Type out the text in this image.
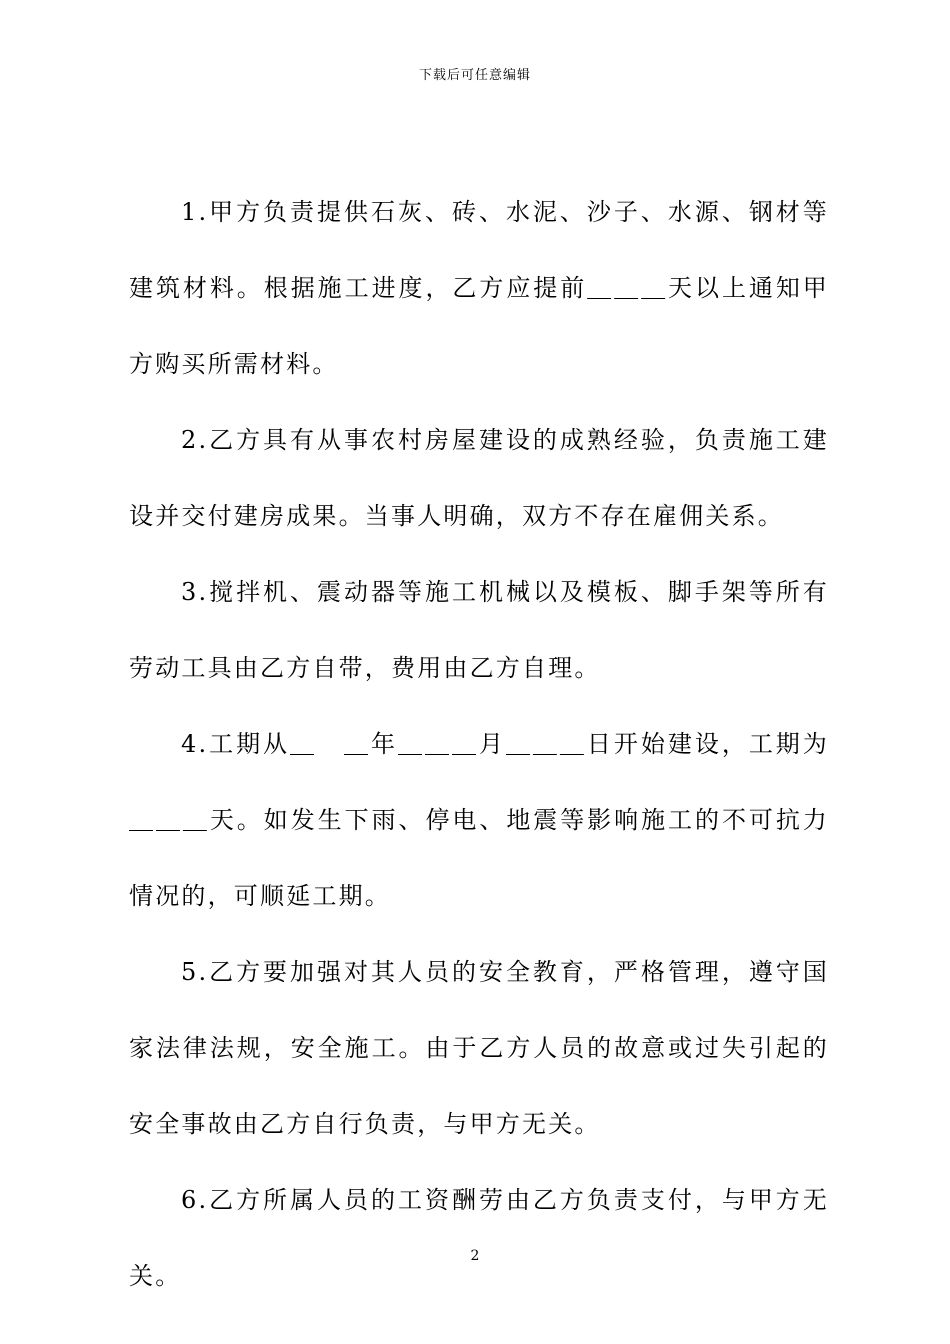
下载后可任意编辑

1.甲方负责提供石灰、砖、水泥、沙子、水源、钢材等建筑材料。根据施工进度，乙方应提前＿＿＿天以上通知甲方购买所需材料。

2.乙方具有从事农村房屋建设的成熟经验，负责施工建设并交付建房成果。当事人明确，双方不存在雇佣关系。

3.搅拌机、震动器等施工机械以及模板、脚手架等所有劳动工具由乙方自带，费用由乙方自理。

4.工期从＿　＿年＿＿＿月＿＿＿日开始建设，工期为＿＿＿天。如发生下雨、停电、地震等影响施工的不可抗力情况的，可顺延工期。

5.乙方要加强对其人员的安全教育，严格管理，遵守国家法律法规，安全施工。由于乙方人员的故意或过失引起的安全事故由乙方自行负责，与甲方无关。

6.乙方所属人员的工资酬劳由乙方负责支付，与甲方无关。

2
